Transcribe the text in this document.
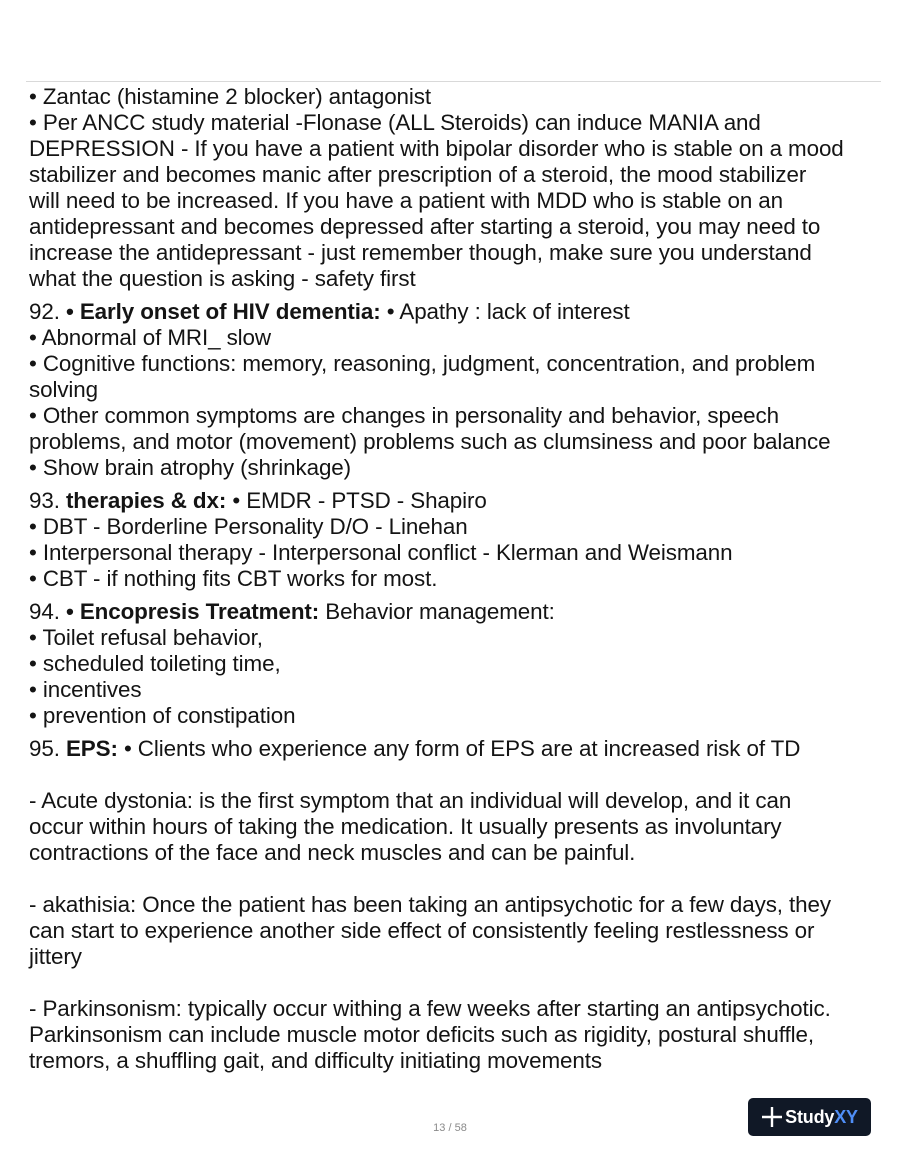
• Zantac (histamine 2 blocker) antagonist
• Per ANCC study material -Flonase (ALL Steroids) can induce MANIA and
DEPRESSION - If you have a patient with bipolar disorder who is stable on a mood
stabilizer and becomes manic after prescription of a steroid, the mood stabilizer
will need to be increased. If you have a patient with MDD who is stable on an
antidepressant and becomes depressed after starting a steroid, you may need to
increase the antidepressant - just remember though, make sure you understand
what the question is asking - safety first
92. • Early onset of HIV dementia: • Apathy : lack of interest
• Abnormal of MRI_ slow
• Cognitive functions: memory, reasoning, judgment, concentration, and problem
solving
• Other common symptoms are changes in personality and behavior, speech
problems, and motor (movement) problems such as clumsiness and poor balance
• Show brain atrophy (shrinkage)
93. therapies & dx: • EMDR - PTSD - Shapiro
• DBT - Borderline Personality D/O - Linehan
• Interpersonal therapy - Interpersonal conflict - Klerman and Weismann
• CBT - if nothing fits CBT works for most.
94. • Encopresis Treatment: Behavior management:
• Toilet refusal behavior,
• scheduled toileting time,
• incentives
• prevention of constipation
95. EPS: • Clients who experience any form of EPS are at increased risk of TD
- Acute dystonia: is the first symptom that an individual will develop, and it can
occur within hours of taking the medication. It usually presents as involuntary
contractions of the face and neck muscles and can be painful.
- akathisia: Once the patient has been taking an antipsychotic for a few days, they
can start to experience another side effect of consistently feeling restlessness or
jittery
- Parkinsonism: typically occur withing a few weeks after starting an antipsychotic.
Parkinsonism can include muscle motor deficits such as rigidity, postural shuffle,
tremors, a shuffling gait, and difficulty initiating movements
13 / 58
StudyXY
